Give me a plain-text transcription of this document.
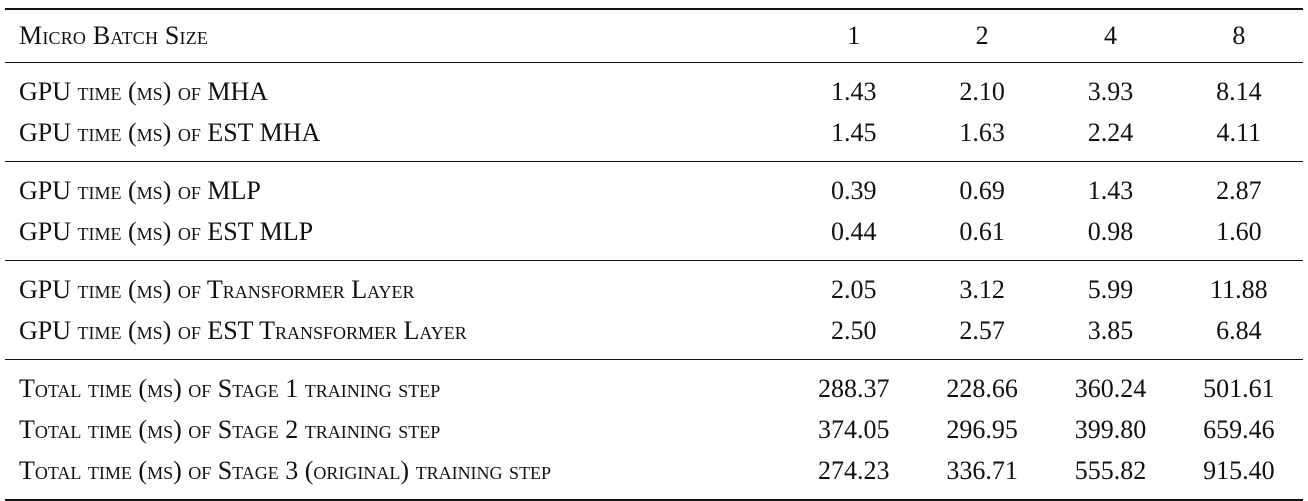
Micro Batch Size	1	2	4	8
GPU time (ms) of MHA	1.43	2.10	3.93	8.14
GPU time (ms) of EST MHA	1.45	1.63	2.24	4.11
GPU time (ms) of MLP	0.39	0.69	1.43	2.87
GPU time (ms) of EST MLP	0.44	0.61	0.98	1.60
GPU time (ms) of Transformer Layer	2.05	3.12	5.99	11.88
GPU time (ms) of EST Transformer Layer	2.50	2.57	3.85	6.84
Total time (ms) of Stage 1 training step	288.37	228.66	360.24	501.61
Total time (ms) of Stage 2 training step	374.05	296.95	399.80	659.46
Total time (ms) of Stage 3 (original) training step	274.23	336.71	555.82	915.40
